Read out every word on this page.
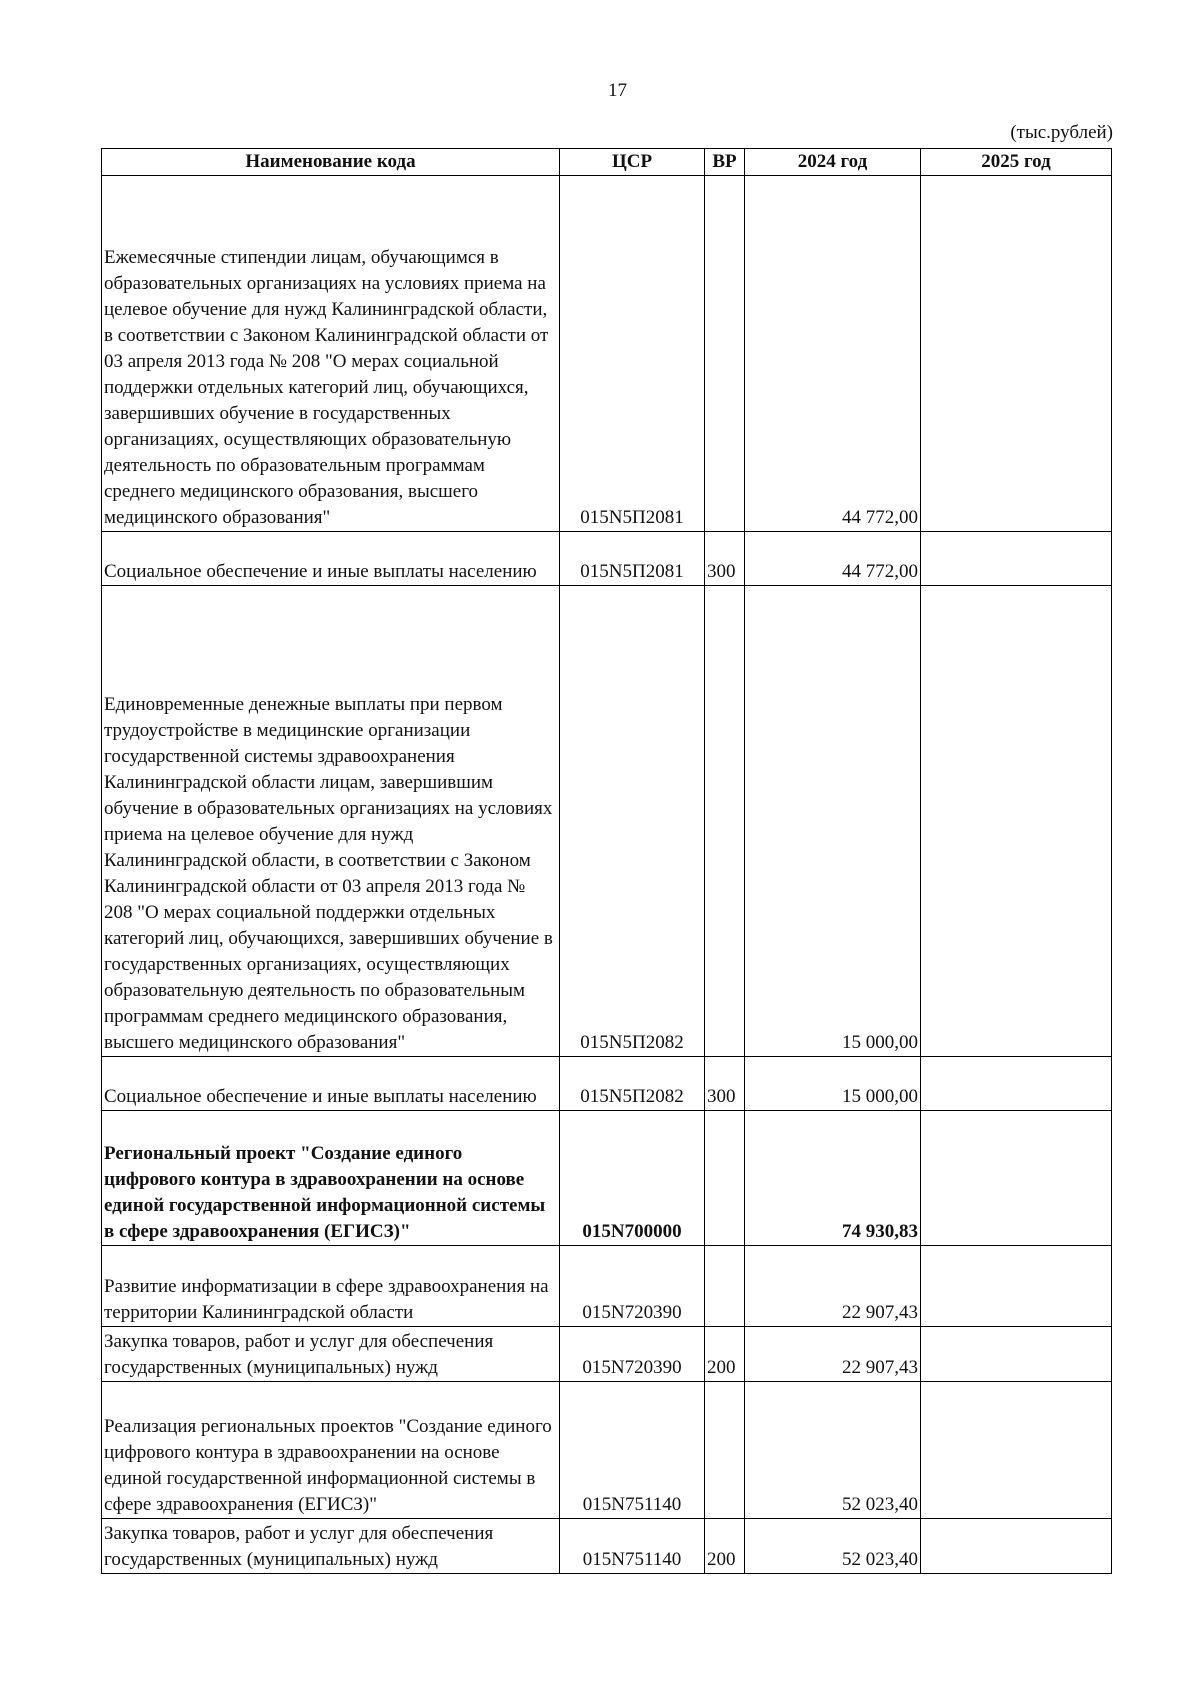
17
(тыс.рублей)
Наименование кода	ЦСР	ВР	2024 год	2025 год
Ежемесячные стипендии лицам, обучающимся в образовательных организациях на условиях приема на целевое обучение для нужд Калининградской области, в соответствии с Законом Калининградской области от 03 апреля 2013 года № 208 "О мерах социальной поддержки отдельных категорий лиц, обучающихся, завершивших обучение в государственных организациях, осуществляющих образовательную деятельность по образовательным программам среднего медицинского образования, высшего медицинского образования"	015N5П2081		44 772,00	
Социальное обеспечение и иные выплаты населению	015N5П2081	300	44 772,00	
Единовременные денежные выплаты при первом трудоустройстве в медицинские организации государственной системы здравоохранения Калининградской области лицам, завершившим обучение в образовательных организациях на условиях приема на целевое обучение для нужд Калининградской области, в соответствии с Законом Калининградской области от 03 апреля 2013 года № 208 "О мерах социальной поддержки отдельных категорий лиц, обучающихся, завершивших обучение в государственных организациях, осуществляющих образовательную деятельность по образовательным программам среднего медицинского образования, высшего медицинского образования"	015N5П2082		15 000,00	
Социальное обеспечение и иные выплаты населению	015N5П2082	300	15 000,00	
Региональный проект "Создание единого цифрового контура в здравоохранении на основе единой государственной информационной системы в сфере здравоохранения (ЕГИСЗ)"	015N700000		74 930,83	
Развитие информатизации в сфере здравоохранения на территории Калининградской области	015N720390		22 907,43	
Закупка товаров, работ и услуг для обеспечения государственных (муниципальных) нужд	015N720390	200	22 907,43	
Реализация региональных проектов "Создание единого цифрового контура в здравоохранении на основе единой государственной информационной системы в сфере здравоохранения (ЕГИСЗ)"	015N751140		52 023,40	
Закупка товаров, работ и услуг для обеспечения государственных (муниципальных) нужд	015N751140	200	52 023,40	
